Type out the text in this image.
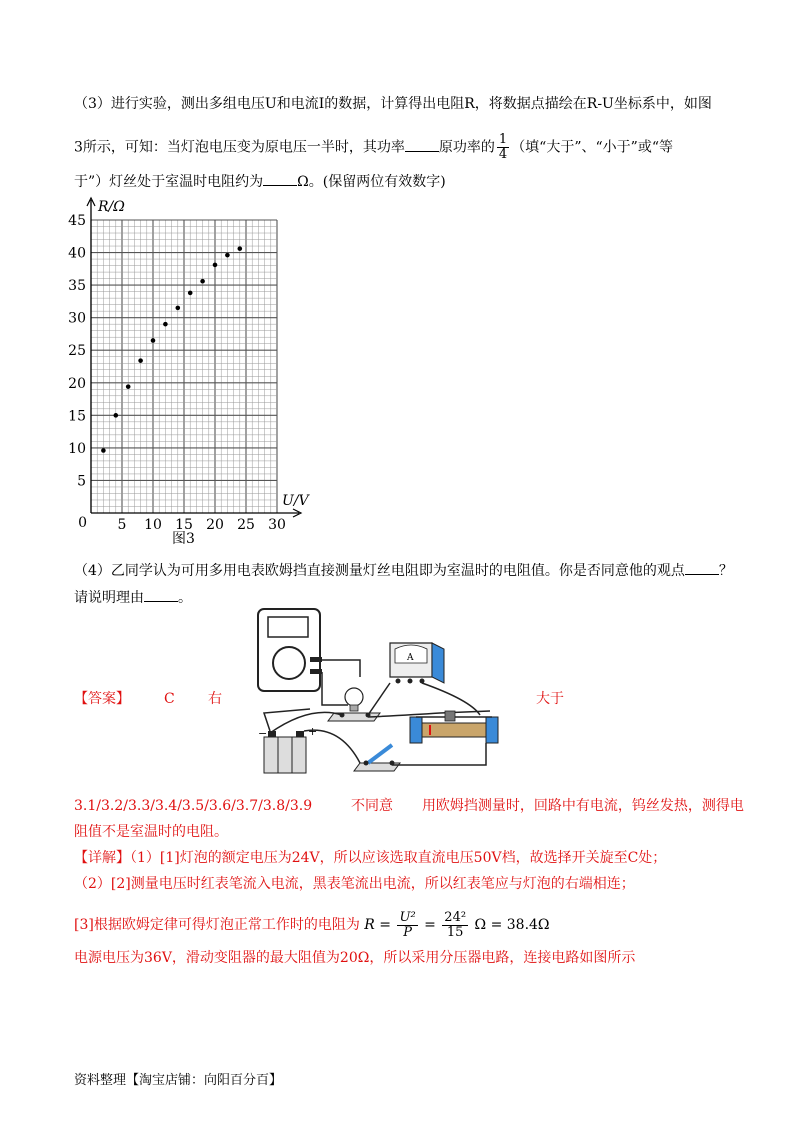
（3）进行实验，测出多组电压U和电流I的数据，计算得出电阻R，将数据点描绘在R-U坐标系中，如图
3所示，可知：当灯泡电压变为原电压一半时，其功率 原功率的 $\frac{1}{4}$ （填“大于”、“小于”或“等
于”）灯丝处于室温时电阻约为 Ω。(保留两位有效数字)
5 10 15 20 25 30
5
10
15
20
25
30
35
40
45
0
R/Ω
U/V
图3
（4）乙同学认为可用多用电表欧姆挡直接测量灯丝电阻即为室温时的电阻值。你是否同意他的观点 ？
请说明理由 。
A
−	+
【答案】 C 右	大于
3.1/3.2/3.3/3.4/3.5/3.6/3.7/3.8/3.9	不同意 用欧姆挡测量时，回路中有电流，钨丝发热，测得电
阻值不是室温时的电阻。
【详解】（1）[1]灯泡的额定电压为24V，所以应该选取直流电压50V档，故选择开关旋至C处；
（2）[2]测量电压时红表笔流入电流，黑表笔流出电流，所以红表笔应与灯泡的右端相连；
[3]根据欧姆定律可得灯泡正常工作时的电阻为 $R = \frac{\text{U²}}{P} = \frac{\text{24²}}{15}$ Ω = 38.4Ω
电源电压为36V，滑动变阻器的最大阻值为20Ω，所以采用分压器电路，连接电路如图所示
资料整理【淘宝店铺：向阳百分百】
